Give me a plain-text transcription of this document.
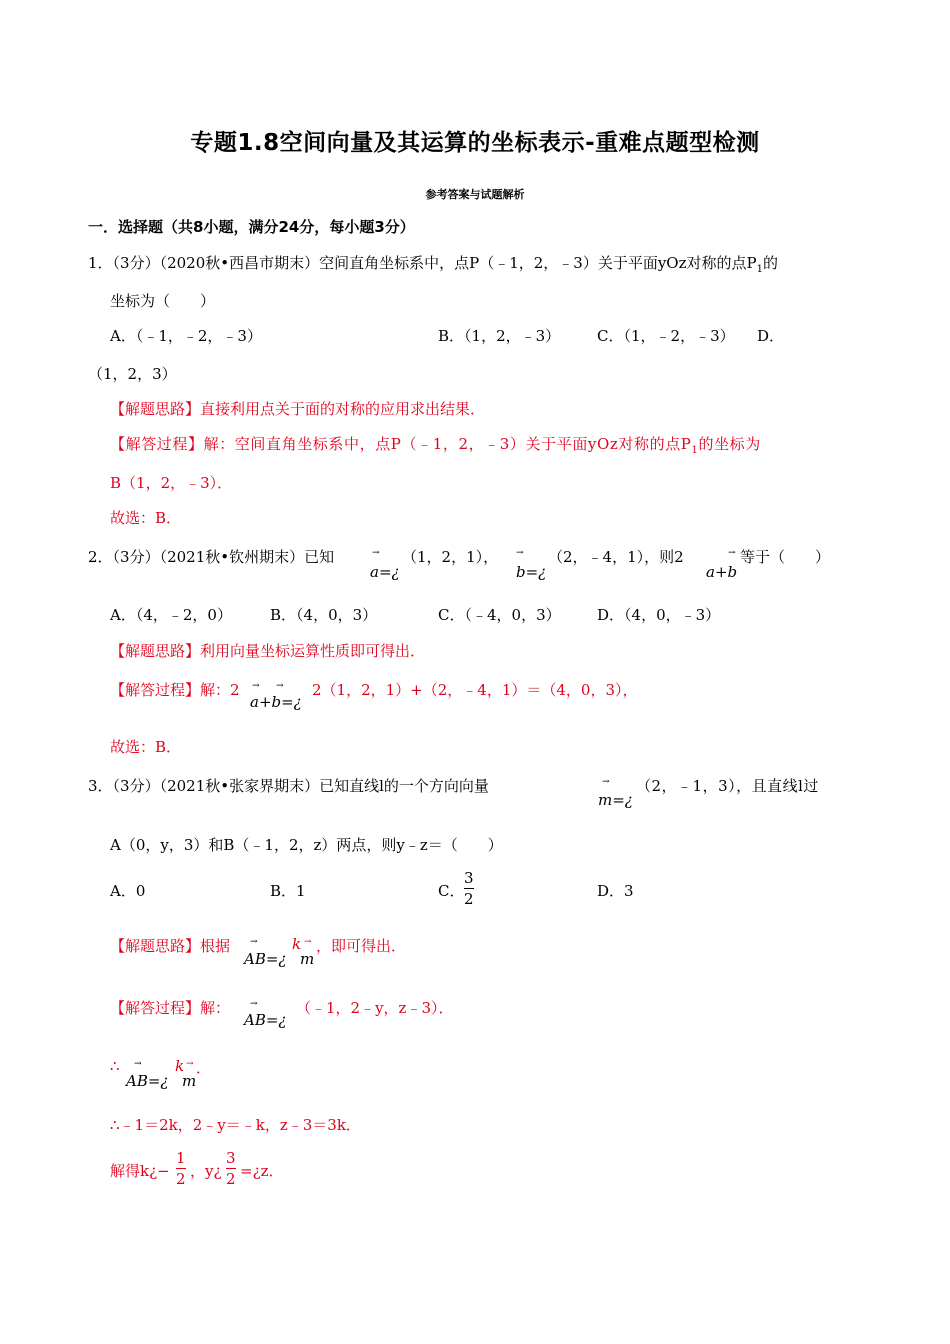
专题1.8空间向量及其运算的坐标表示-重难点题型检测
参考答案与试题解析
一．选择题（共8小题，满分24分，每小题3分）
1．（3分）（2020秋•西昌市期末）空间直角坐标系中，点P（﹣1，2，﹣3）关于平面yOz对称的点$P_1$的
坐标为（　　）
A．（﹣1，﹣2，﹣3）	B．（1，2，﹣3） C．（1，﹣2，﹣3） D．
（1，2，3）
【解题思路】直接利用点关于面的对称的应用求出结果．
【解答过程】解：空间直角坐标系中，点P（﹣1，2，﹣3）关于平面yOz对称的点$P_1$的坐标为
B（1，2，﹣3）．
故选：B．
2．（3分）（2021秋•钦州期末）已知	→
a=¿
（1，2，1）， →
b=¿
（2，﹣4，1），则2	→
a+b
等于（　　）
A．（4，﹣2，0）	B．（4，0，3）	C．（﹣4，0，3） D．（4，0，﹣3）
【解题思路】利用向量坐标运算性质即可得出．
【解答过程】解：2 → →
a+b=¿
2（1，2，1）+（2，﹣4，1）＝（4，0，3），
故选：B．
3．（3分）（2021秋•张家界期末）已知直线l的一个方向向量	→
m=¿
（2，﹣1，3），且直线l过
A（0，y，3）和B（﹣1，2，z）两点，则y﹣z＝（　　）
A．0	B．1	C．
3
2	D．3
【解题思路】根据 →
AB=¿
k →
m
，即可得出．
【解答过程】解： →
AB=¿
（﹣1，2﹣y，z﹣3）．
∴ →
AB=¿
k →
m
．
∴﹣1＝2k，2﹣y＝﹣k，z﹣3＝3k．
解得k¿−
1
2 ，y¿
3
2 =¿z．
